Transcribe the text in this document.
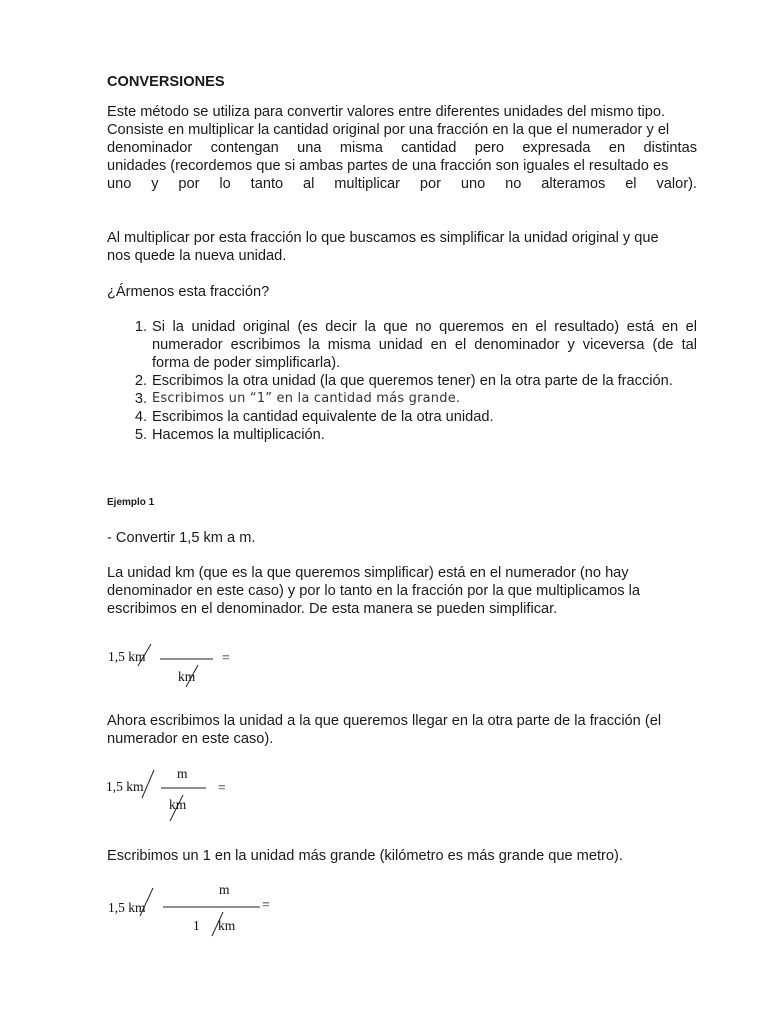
CONVERSIONES
Este método se utiliza para convertir valores entre diferentes unidades del mismo tipo.
Consiste en multiplicar la cantidad original por una fracción en la que el numerador y el
denominador contengan una misma cantidad pero expresada en distintas
unidades (recordemos que si ambas partes de una fracción son iguales el resultado es
uno y por lo tanto al multiplicar por uno no alteramos el valor).
Al multiplicar por esta fracción lo que buscamos es simplificar la unidad original y que
nos quede la nueva unidad.
¿Ármenos esta fracción?
1. Si la unidad original (es decir la que no queremos en el resultado) está en el
numerador escribimos la misma unidad en el denominador y viceversa (de tal
forma de poder simplificarla).
2. Escribimos la otra unidad (la que queremos tener) en la otra parte de la fracción.
3. Escribimos un “1” en la cantidad más grande.
4. Escribimos la cantidad equivalente de la otra unidad.
5. Hacemos la multiplicación.
Ejemplo 1
- Convertir 1,5 km a m.
La unidad km (que es la que queremos simplificar) está en el numerador (no hay
denominador en este caso) y por lo tanto en la fracción por la que multiplicamos la
escribimos en el denominador. De esta manera se pueden simplificar.
1,5 km
km
=
Ahora escribimos la unidad a la que queremos llegar en la otra parte de la fracción (el
numerador en este caso).
1,5 km
m
km
=
Escribimos un 1 en la unidad más grande (kilómetro es más grande que metro).
1,5 km
m
1 km
=
